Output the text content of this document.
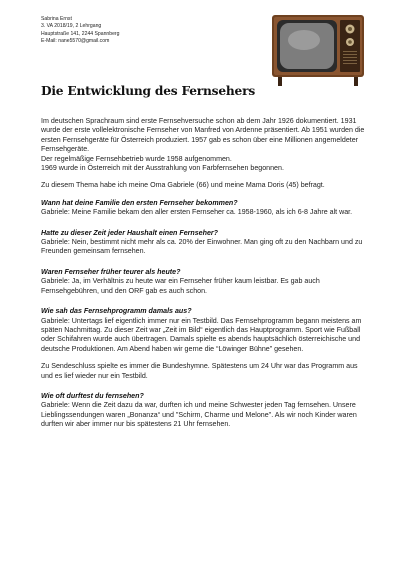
Sabrina Ernst
3. VA 2018/19, 2 Lehrgang
Hauptstraße 141, 2244 Spannberg
E-Mail: nane5570@gmail.com
Die Entwicklung des Fernsehers

Im deutschen Sprachraum sind erste Fernsehversuche schon ab dem Jahr 1926 dokumentiert. 1931 wurde der erste vollelektronische Fernseher von Manfred von Ardenne präsentiert. Ab 1951 wurden die ersten Fernsehgeräte für Österreich produziert. 1957 gab es schon über eine Millionen angemeldeter Fernsehgeräte.

Der regelmäßige Fernsehbetrieb wurde 1958 aufgenommen.

1969 wurde in Österreich mit der Ausstrahlung von Farbfernsehen begonnen.

Zu diesem Thema habe ich meine Oma Gabriele (66) und meine Mama Doris (45) befragt.

Wann hat deine Familie den ersten Fernseher bekommen?

Gabriele: Meine Familie bekam den aller ersten Fernseher ca. 1958-1960, als ich 6-8 Jahre alt war.

Hatte zu dieser Zeit jeder Haushalt einen Fernseher?

Gabriele: Nein, bestimmt nicht mehr als ca. 20% der Einwohner. Man ging oft zu den Nachbarn und zu Freunden gemeinsam fernsehen.

Waren Fernseher früher teurer als heute?

Gabriele: Ja, im Verhältnis zu heute war ein Fernseher früher kaum leistbar. Es gab auch Fernsehgebühren, und den ORF gab es auch schon.

Wie sah das Fernsehprogramm damals aus?

Gabriele: Untertags lief eigentlich immer nur ein Testbild. Das Fernsehprogramm begann meistens am späten Nachmittag. Zu dieser Zeit war „Zeit im Bild“ eigentlich das Hauptprogramm. Sport wie Fußball oder Schifahren wurde auch übertragen. Damals spielte es abends hauptsächlich österreichische und deutsche Produktionen. Am Abend haben wir gerne die “Löwinger Bühne” gesehen.

Zu Sendeschluss spielte es immer die Bundeshymne. Spätestens um 24 Uhr war das Programm aus und es lief wieder nur ein Testbild.

Wie oft durftest du fernsehen?

Gabriele: Wenn die Zeit dazu da war, durften ich und meine Schwester jeden Tag fernsehen. Unsere Lieblingssendungen waren „Bonanza“ und "Schirm, Charme und Melone". Als wir noch Kinder waren durften wir aber immer nur bis spätestens 21 Uhr fernsehen.
